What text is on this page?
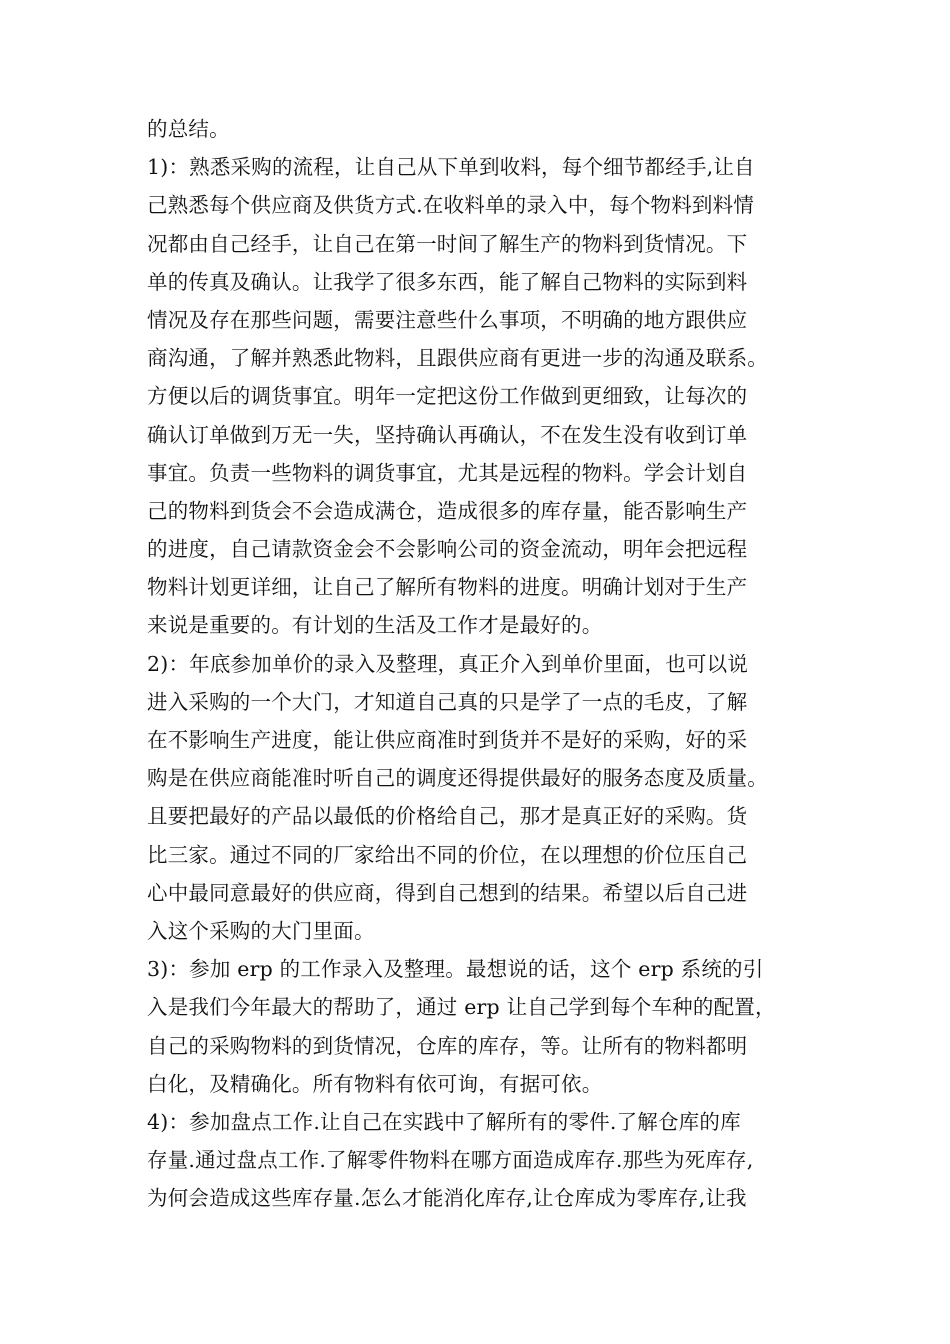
的总结。
1)：熟悉采购的流程，让自己从下单到收料，每个细节都经手,让自
己熟悉每个供应商及供货方式.在收料单的录入中，每个物料到料情
况都由自己经手，让自己在第一时间了解生产的物料到货情况。下
单的传真及确认。让我学了很多东西，能了解自己物料的实际到料
情况及存在那些问题，需要注意些什么事项，不明确的地方跟供应
商沟通，了解并熟悉此物料，且跟供应商有更进一步的沟通及联系。
方便以后的调货事宜。明年一定把这份工作做到更细致，让每次的
确认订单做到万无一失，坚持确认再确认，不在发生没有收到订单
事宜。负责一些物料的调货事宜，尤其是远程的物料。学会计划自
己的物料到货会不会造成满仓，造成很多的库存量，能否影响生产
的进度，自己请款资金会不会影响公司的资金流动，明年会把远程
物料计划更详细，让自己了解所有物料的进度。明确计划对于生产
来说是重要的。有计划的生活及工作才是最好的。
2)：年底参加单价的录入及整理，真正介入到单价里面，也可以说
进入采购的一个大门，才知道自己真的只是学了一点的毛皮，了解
在不影响生产进度，能让供应商准时到货并不是好的采购，好的采
购是在供应商能准时听自己的调度还得提供最好的服务态度及质量。
且要把最好的产品以最低的价格给自己，那才是真正好的采购。货
比三家。通过不同的厂家给出不同的价位，在以理想的价位压自己
心中最同意最好的供应商，得到自己想到的结果。希望以后自己进
入这个采购的大门里面。
3)：参加 erp 的工作录入及整理。最想说的话，这个 erp 系统的引
入是我们今年最大的帮助了，通过 erp 让自己学到每个车种的配置，
自己的采购物料的到货情况，仓库的库存，等。让所有的物料都明
白化，及精确化。所有物料有依可询，有据可依。
4)：参加盘点工作.让自己在实践中了解所有的零件.了解仓库的库
存量.通过盘点工作.了解零件物料在哪方面造成库存.那些为死库存,
为何会造成这些库存量.怎么才能消化库存,让仓库成为零库存,让我
